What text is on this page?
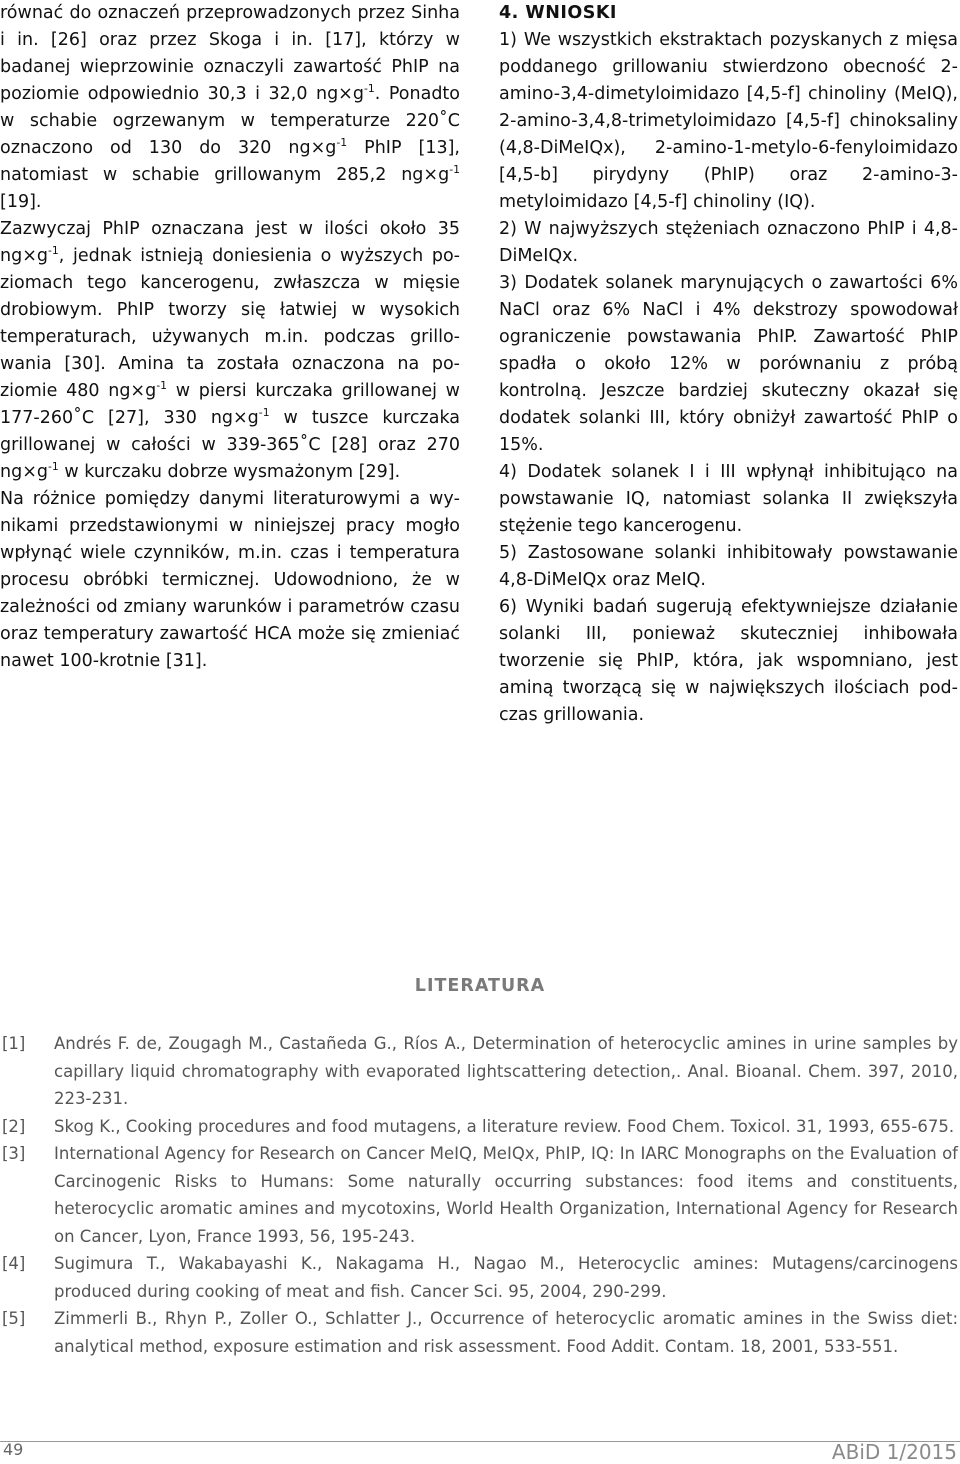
równać do oznaczeń przeprowadzonych przez Sinha i in. [26] oraz przez Skoga i in. [17], którzy w badanej wieprzowinie oznaczyli zawartość PhIP na poziomie odpowiednio 30,3 i 32,0 $ng\times g^{-1}$. Ponadto w schabie ogrzewanym w temperaturze 220˚C oznaczono od 130 do 320 $ng\times g^{-1}$ PhIP [13], natomiast w schabie grillowanym 285,2 $ng\times g^{-1}$ [19].

Zazwyczaj PhIP oznaczana jest w ilości około 35 $ng\times g^{-1}$, jednak istnieją doniesienia o wyższych poziomach tego kancerogenu, zwłaszcza w mięsie drobiowym. PhIP tworzy się łatwiej w wysokich temperaturach, używanych m.in. podczas grillowania [30]. Amina ta została oznaczona na poziomie 480 $ng\times g^{-1}$ w piersi kurczaka grillowanej w 177-260˚C [27], 330 $ng\times g^{-1}$ w tuszce kurczaka grillowanej w całości w 339-365˚C [28] oraz 270 $ng\times g^{-1}$ w kurczaku dobrze wysmażonym [29].

Na różnice pomiędzy danymi literaturowymi a wynikami przedstawionymi w niniejszej pracy mogło wpłynąć wiele czynników, m.in. czas i temperatura procesu obróbki termicznej. Udowodniono, że w zależności od zmiany warunków i parametrów czasu oraz temperatury zawartość HCA może się zmieniać nawet 100-krotnie [31].

4. WNIOSKI

1) We wszystkich ekstraktach pozyskanych z mięsa poddanego grillowaniu stwierdzono obecność 2-amino-3,4-dimetyloimidazo [4,5-f] chinoliny (MeIQ), 2-amino-3,4,8-trimetyloimidazo [4,5-f] chinoksaliny (4,8-DiMeIQx), 2-amino-1-metylo-6-fenyloimidazo [4,5-b] pirydyny (PhIP) oraz 2-amino-3-metyloimidazo [4,5-f] chinoliny (IQ).

2) W najwyższych stężeniach oznaczono PhIP i 4,8-DiMeIQx.

3) Dodatek solanek marynujących o zawartości 6% NaCl oraz 6% NaCl i 4% dekstrozy spowodował ograniczenie powstawania PhIP. Zawartość PhIP spadła o około 12% w porównaniu z próbą kontrolną. Jeszcze bardziej skuteczny okazał się dodatek solanki III, który obniżył zawartość PhIP o 15%.

4) Dodatek solanek I i III wpłynął inhibitująco na powstawanie IQ, natomiast solanka II zwiększyła stężenie tego kancerogenu.

5) Zastosowane solanki inhibitowały powstawanie 4,8-DiMeIQx oraz MeIQ.

6) Wyniki badań sugerują efektywniejsze działanie solanki III, ponieważ skuteczniej inhibowała tworzenie się PhIP, która, jak wspomniano, jest aminą tworzącą się w największych ilościach podczas grillowania.

LITERATURA
[1] Andrés F. de, Zougagh M., Castañeda G., Ríos A., Determination of heterocyclic amines in urine samples by capillary liquid chromatography with evaporated lightscattering detection,. Anal. Bioanal. Chem. 397, 2010, 223-231.
[2] Skog K., Cooking procedures and food mutagens, a literature review. Food Chem. Toxicol. 31, 1993, 655-675.
[3] International Agency for Research on Cancer MeIQ, MeIQx, PhIP, IQ: In IARC Monographs on the Evaluation of Carcinogenic Risks to Humans: Some naturally occurring substances: food items and constituents, heterocyclic aromatic amines and mycotoxins, World Health Organization, International Agency for Research on Cancer, Lyon, France 1993, 56, 195-243.
[4] Sugimura T., Wakabayashi K., Nakagama H., Nagao M., Heterocyclic amines: Mutagens/carcinogens produced during cooking of meat and fish. Cancer Sci. 95, 2004, 290-299.
[5] Zimmerli B., Rhyn P., Zoller O., Schlatter J., Occurrence of heterocyclic aromatic amines in the Swiss diet: analytical method, exposure estimation and risk assessment. Food Addit. Contam. 18, 2001, 533-551.
49	ABiD 1/2015
